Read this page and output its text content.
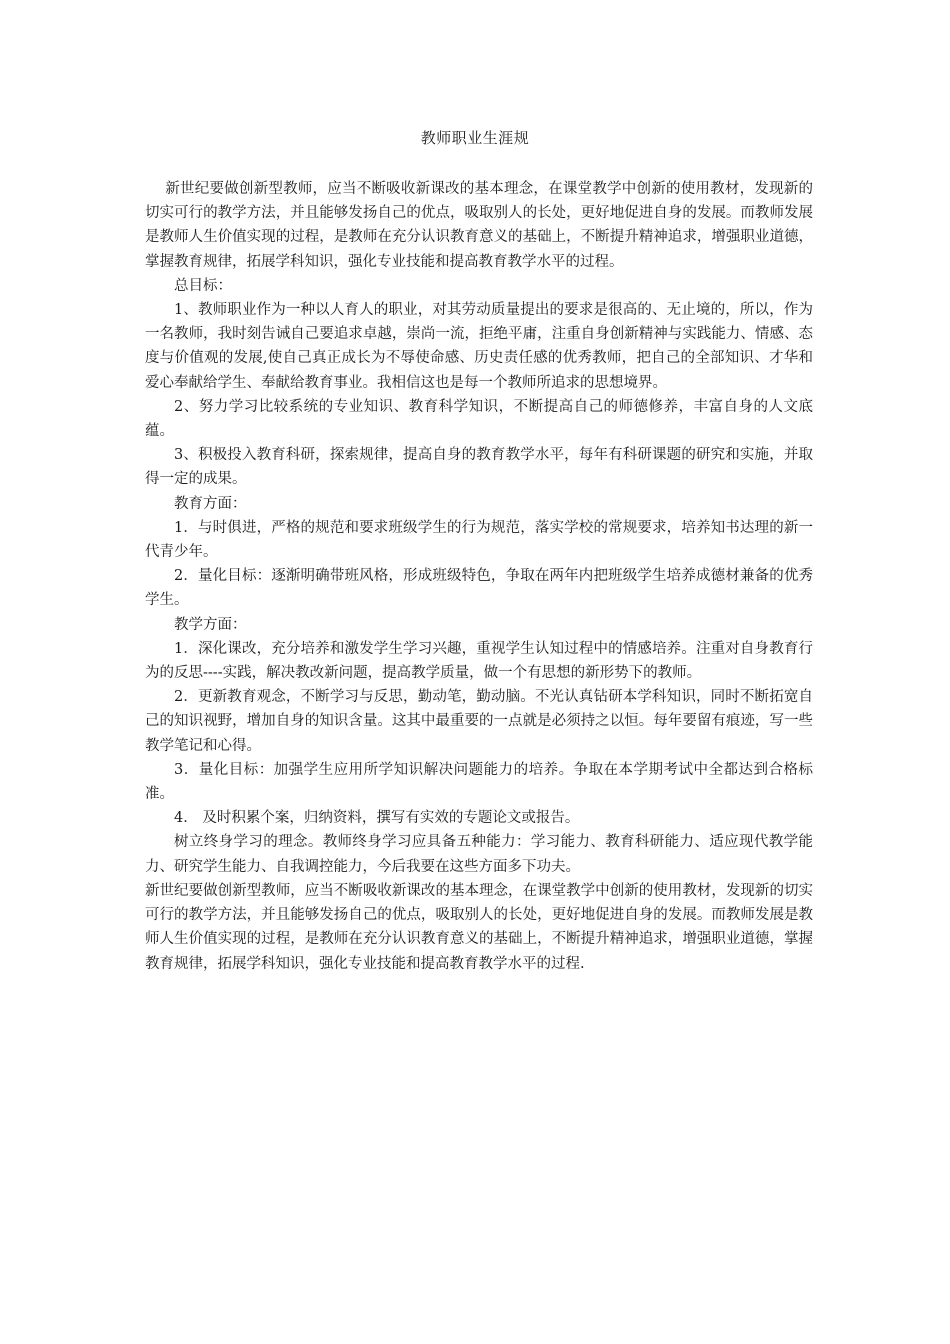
教师职业生涯规

新世纪要做创新型教师，应当不断吸收新课改的基本理念，在课堂教学中创新的使用教材，发现新的切实可行的教学方法，并且能够发扬自己的优点，吸取别人的长处，更好地促进自身的发展。而教师发展是教师人生价值实现的过程，是教师在充分认识教育意义的基础上，不断提升精神追求，增强职业道德，掌握教育规律，拓展学科知识，强化专业技能和提高教育教学水平的过程。

总目标：

1、教师职业作为一种以人育人的职业，对其劳动质量提出的要求是很高的、无止境的，所以，作为一名教师，我时刻告诫自己要追求卓越，崇尚一流，拒绝平庸，注重自身创新精神与实践能力、情感、态度与价值观的发展,使自己真正成长为不辱使命感、历史责任感的优秀教师，把自己的全部知识、才华和爱心奉献给学生、奉献给教育事业。我相信这也是每一个教师所追求的思想境界。

2、努力学习比较系统的专业知识、教育科学知识，不断提高自己的师德修养，丰富自身的人文底蕴。

3、积极投入教育科研，探索规律，提高自身的教育教学水平，每年有科研课题的研究和实施，并取得一定的成果。

教育方面：

1．与时俱进，严格的规范和要求班级学生的行为规范，落实学校的常规要求，培养知书达理的新一代青少年。

2．量化目标：逐渐明确带班风格，形成班级特色，争取在两年内把班级学生培养成德材兼备的优秀学生。

教学方面：

1．深化课改，充分培养和激发学生学习兴趣，重视学生认知过程中的情感培养。注重对自身教育行为的反思----实践，解决教改新问题，提高教学质量，做一个有思想的新形势下的教师。

2．更新教育观念，不断学习与反思，勤动笔，勤动脑。不光认真钻研本学科知识，同时不断拓宽自己的知识视野，增加自身的知识含量。这其中最重要的一点就是必须持之以恒。每年要留有痕迹，写一些教学笔记和心得。

3．量化目标：加强学生应用所学知识解决问题能力的培养。争取在本学期考试中全都达到合格标准。

4． 及时积累个案，归纳资料，撰写有实效的专题论文或报告。

树立终身学习的理念。教师终身学习应具备五种能力：学习能力、教育科研能力、适应现代教学能力、研究学生能力、自我调控能力，今后我要在这些方面多下功夫。

新世纪要做创新型教师，应当不断吸收新课改的基本理念，在课堂教学中创新的使用教材，发现新的切实可行的教学方法，并且能够发扬自己的优点，吸取别人的长处，更好地促进自身的发展。而教师发展是教师人生价值实现的过程，是教师在充分认识教育意义的基础上，不断提升精神追求，增强职业道德，掌握教育规律，拓展学科知识，强化专业技能和提高教育教学水平的过程.
